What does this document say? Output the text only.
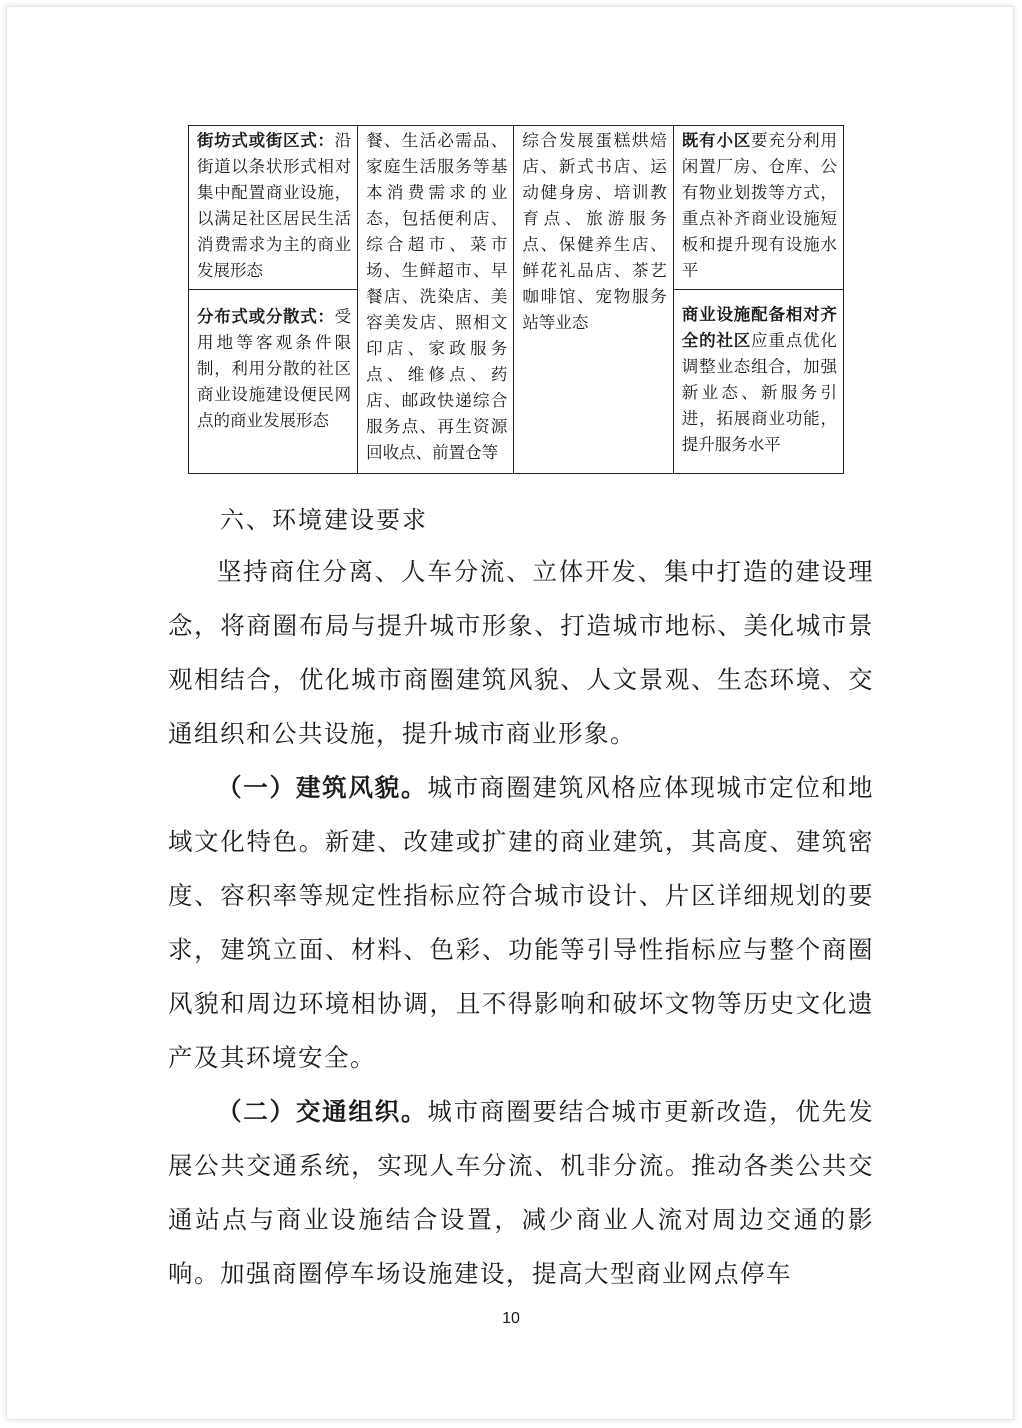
街坊式或街区式：沿街道以条状形式相对集中配置商业设施，以满足社区居民生活消费需求为主的商业发展形态	餐、生活必需品、家庭生活服务等基本消费需求的业态，包括便利店、综合超市、菜市场、生鲜超市、早餐店、洗染店、美容美发店、照相文印店、家政服务点、维修点、药店、邮政快递综合服务点、再生资源回收点、前置仓等	综合发展蛋糕烘焙店、新式书店、运动健身房、培训教育点、旅游服务点、保健养生店、鲜花礼品店、茶艺咖啡馆、宠物服务站等业态	既有小区要充分利用闲置厂房、仓库、公有物业划拨等方式，重点补齐商业设施短板和提升现有设施水平
分布式或分散式：受用地等客观条件限制，利用分散的社区商业设施建设便民网点的商业发展形态			商业设施配备相对齐全的社区应重点优化调整业态组合，加强新业态、新服务引进，拓展商业功能，提升服务水平
六、环境建设要求

坚持商住分离、人车分流、立体开发、集中打造的建设理念，将商圈布局与提升城市形象、打造城市地标、美化城市景观相结合，优化城市商圈建筑风貌、人文景观、生态环境、交通组织和公共设施，提升城市商业形象。

（一）建筑风貌。城市商圈建筑风格应体现城市定位和地域文化特色。新建、改建或扩建的商业建筑，其高度、建筑密度、容积率等规定性指标应符合城市设计、片区详细规划的要求，建筑立面、材料、色彩、功能等引导性指标应与整个商圈风貌和周边环境相协调，且不得影响和破坏文物等历史文化遗产及其环境安全。

（二）交通组织。城市商圈要结合城市更新改造，优先发展公共交通系统，实现人车分流、机非分流。推动各类公共交通站点与商业设施结合设置，减少商业人流对周边交通的影响。加强商圈停车场设施建设，提高大型商业网点停车

10
